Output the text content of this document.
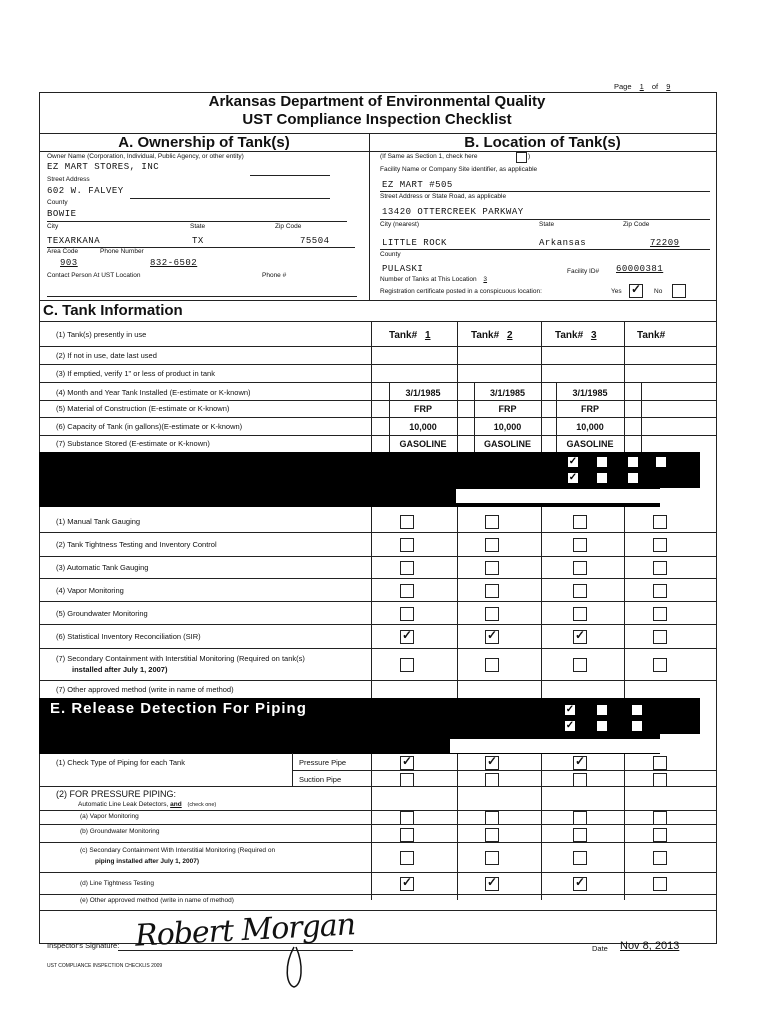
Page 1 of 9
Arkansas Department of Environmental Quality
UST Compliance Inspection Checklist
A. Ownership of Tank(s)	B. Location of Tank(s)
Owner Name (Corporation, Individual, Public Agency, or other entity)
EZ MART STORES, INC
Street Address
602 W. FALVEY
County
BOWIE
City	State	Zip Code
TEXARKANA	TX	75504
Area Code	Phone Number
903	832-6502
Contact Person At UST Location	Phone #
(If Same as Section 1, check here	)
Facility Name or Company Site identifier, as applicable
EZ MART #505
Street Address or State Road, as applicable
13420 OTTERCREEK PARKWAY
City (nearest)	State	Zip Code
LITTLE ROCK	Arkansas	72209
County
PULASKI	Facility ID# 60000381
Number of Tanks at This Location 3
Registration certificate posted in a conspicuous location:	Yes
✓	No
C. Tank Information
Tank# 1	Tank# 2	Tank# 3	Tank#
(1) Tank(s) presently in use
(2) If not in use, date last used
(3) If emptied, verify 1" or less of product in tank
(4) Month and Year Tank Installed (E-estimate or K-known)
(5) Material of Construction (E-estimate or K-known)
(6) Capacity of Tank (in gallons)(E-estimate or K-known)
(7) Substance Stored (E-estimate or K-known)
3/1/1985	3/1/1985	3/1/1985
FRP	FRP	FRP
10,000	10,000	10,000
GASOLINE	GASOLINE	GASOLINE
✓
✓
(1) Manual Tank Gauging
(2) Tank Tightness Testing and Inventory Control
(3) Automatic Tank Gauging
(4) Vapor Monitoring
(5) Groundwater Monitoring
(6) Statistical Inventory Reconciliation (SIR)
(7) Secondary Containment with Interstitial Monitoring (Required on tank(s)
installed after July 1, 2007)
(7) Other approved method (write in name of method)
✓
✓
✓
E. Release Detection For Piping	✓
✓
(1) Check Type of Piping for each Tank	Pressure Pipe
Suction Pipe
(2) FOR PRESSURE PIPING:
Automatic Line Leak Detectors, and (check one)
(a) Vapor Monitoring
(b) Groundwater Monitoring
(c) Secondary Containment With Interstitial Monitoring (Required on
piping installed after July 1, 2007)
(d) Line Tightness Testing
(e) Other approved method (write in name of method)
✓
✓
✓
✓
✓
✓
Inspector's Signature: Robert Morgan	Date Nov 8, 2013
UST COMPLIANCE INSPECTION CHECKLIS 2009
